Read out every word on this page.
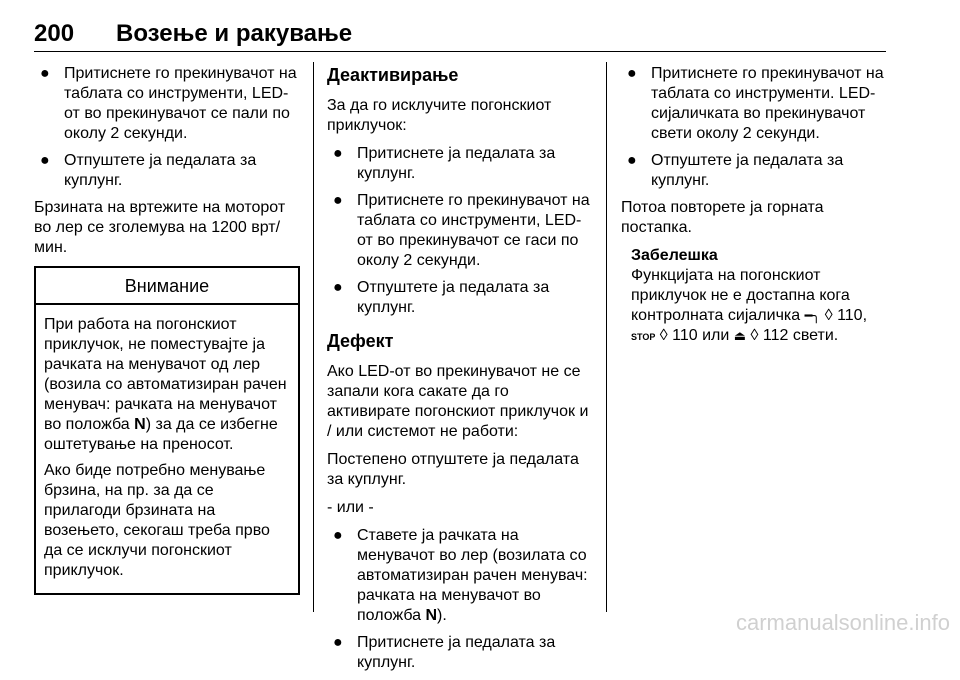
200 Возење и ракување
● Притиснете го прекинувачот на таблата со инструменти, LED-от во прекинувачот се пали по околу 2 секунди.
● Отпуштете ја педалата за куплунг.

Брзината на вртежите на моторот во лер се зголемува на 1200 врт/мин.

Внимание

При работа на погонскиот приклучок, не поместувајте ја рачката на менувачот од лер (возила со автоматизиран рачен менувач: рачката на менувачот во положба N) за да се избегне оштетување на преносот.

Ако биде потребно менување брзина, на пр. за да се прилагоди брзината на возењето, секогаш треба прво да се исклучи погонскиот приклучок.

Деактивирање

За да го исклучите погонскиот приклучок:

● Притиснете ја педалата за куплунг.
● Притиснете го прекинувачот на таблата со инструменти, LED-от во прекинувачот се гаси по околу 2 секунди.
● Отпуштете ја педалата за куплунг.
Дефект

Ако LED-от во прекинувачот не се запали кога сакате да го активирате погонскиот приклучок и / или системот не работи:

Постепено отпуштете ја педалата за куплунг.

- или -

● Ставете ја рачката на менувачот во лер (возилата со автоматизиран рачен менувач: рачката на менувачот во положба N).
● Притиснете ја педалата за куплунг.
● Притиснете го прекинувачот на таблата со инструменти. LED-сијаличката во прекинувачот свети околу 2 секунди.
● Отпуштете ја педалата за куплунг.

Потоа повторете ја горната постапка.

Забелешка
Функцијата на погонскиот приклучок не е достапна кога контролната сијаличка ━╮ ◊ 110,
STOP ◊ 110 или ⏏ ◊ 112 свети.
carmanualsonline.info
